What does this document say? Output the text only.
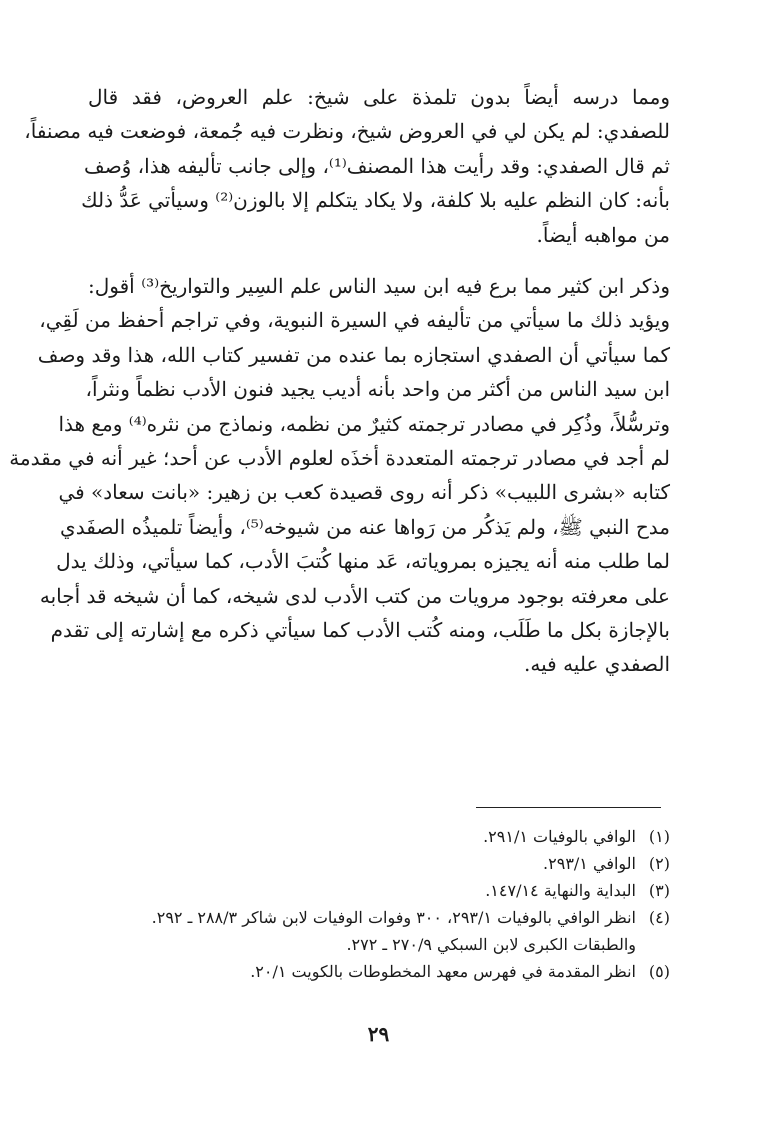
ومما درسه أيضاً بدون تلمذة على شيخ: علم العروض، فقد قال
للصفدي: لم يكن لي في العروض شيخ، ونظرت فيه جُمعة، فوضعت فيه مصنفاً،
ثم قال الصفدي: وقد رأيت هذا المصنف⁽¹⁾، وإلى جانب تأليفه هذا، وُصف
بأنه: كان النظم عليه بلا كلفة، ولا يكاد يتكلم إلا بالوزن⁽²⁾ وسيأتي عَدُّ ذلك
من مواهبه أيضاً.
وذكر ابن كثير مما برع فيه ابن سيد الناس علم السِير والتواريخ⁽³⁾ أقول:
ويؤيد ذلك ما سيأتي من تأليفه في السيرة النبوية، وفي تراجم أحفظ من لَقِي،
كما سيأتي أن الصفدي استجازه بما عنده من تفسير كتاب الله، هذا وقد وصف
ابن سيد الناس من أكثر من واحد بأنه أديب يجيد فنون الأدب نظماً ونثراً،
وترسُّلاً، وذُكِر في مصادر ترجمته كثيرٌ من نظمه، ونماذج من نثره⁽⁴⁾ ومع هذا
لم أجد في مصادر ترجمته المتعددة أخذَه لعلوم الأدب عن أحد؛ غير أنه في مقدمة
كتابه «بشرى اللبيب» ذكر أنه روى قصيدة كعب بن زهير: «بانت سعاد» في
مدح النبي ﷺ، ولم يَذكُر من رَواها عنه من شيوخه⁽⁵⁾، وأيضاً تلميذُه الصفَدي
لما طلب منه أنه يجيزه بمروياته، عَد منها كُتبَ الأدب، كما سيأتي، وذلك يدل
على معرفته بوجود مرويات من كتب الأدب لدى شيخه، كما أن شيخه قد أجابه
بالإجازة بكل ما طَلَب، ومنه كُتب الأدب كما سيأتي ذكره مع إشارته إلى تقدم
الصفدي عليه فيه.
(١)
الوافي بالوفيات ٢٩١/١.
(٢)
الوافي ٢٩٣/١.
(٣)
البداية والنهاية ١٤٧/١٤.
(٤)
انظر الوافي بالوفيات ٢٩٣/١، ٣٠٠ وفوات الوفيات لابن شاكر ٢٨٨/٣ ـ ٢٩٢.
والطبقات الكبرى لابن السبكي ٢٧٠/٩ ـ ٢٧٢.
(٥)
انظر المقدمة في فهرس معهد المخطوطات بالكويت ٢٠/١.
٢٩
